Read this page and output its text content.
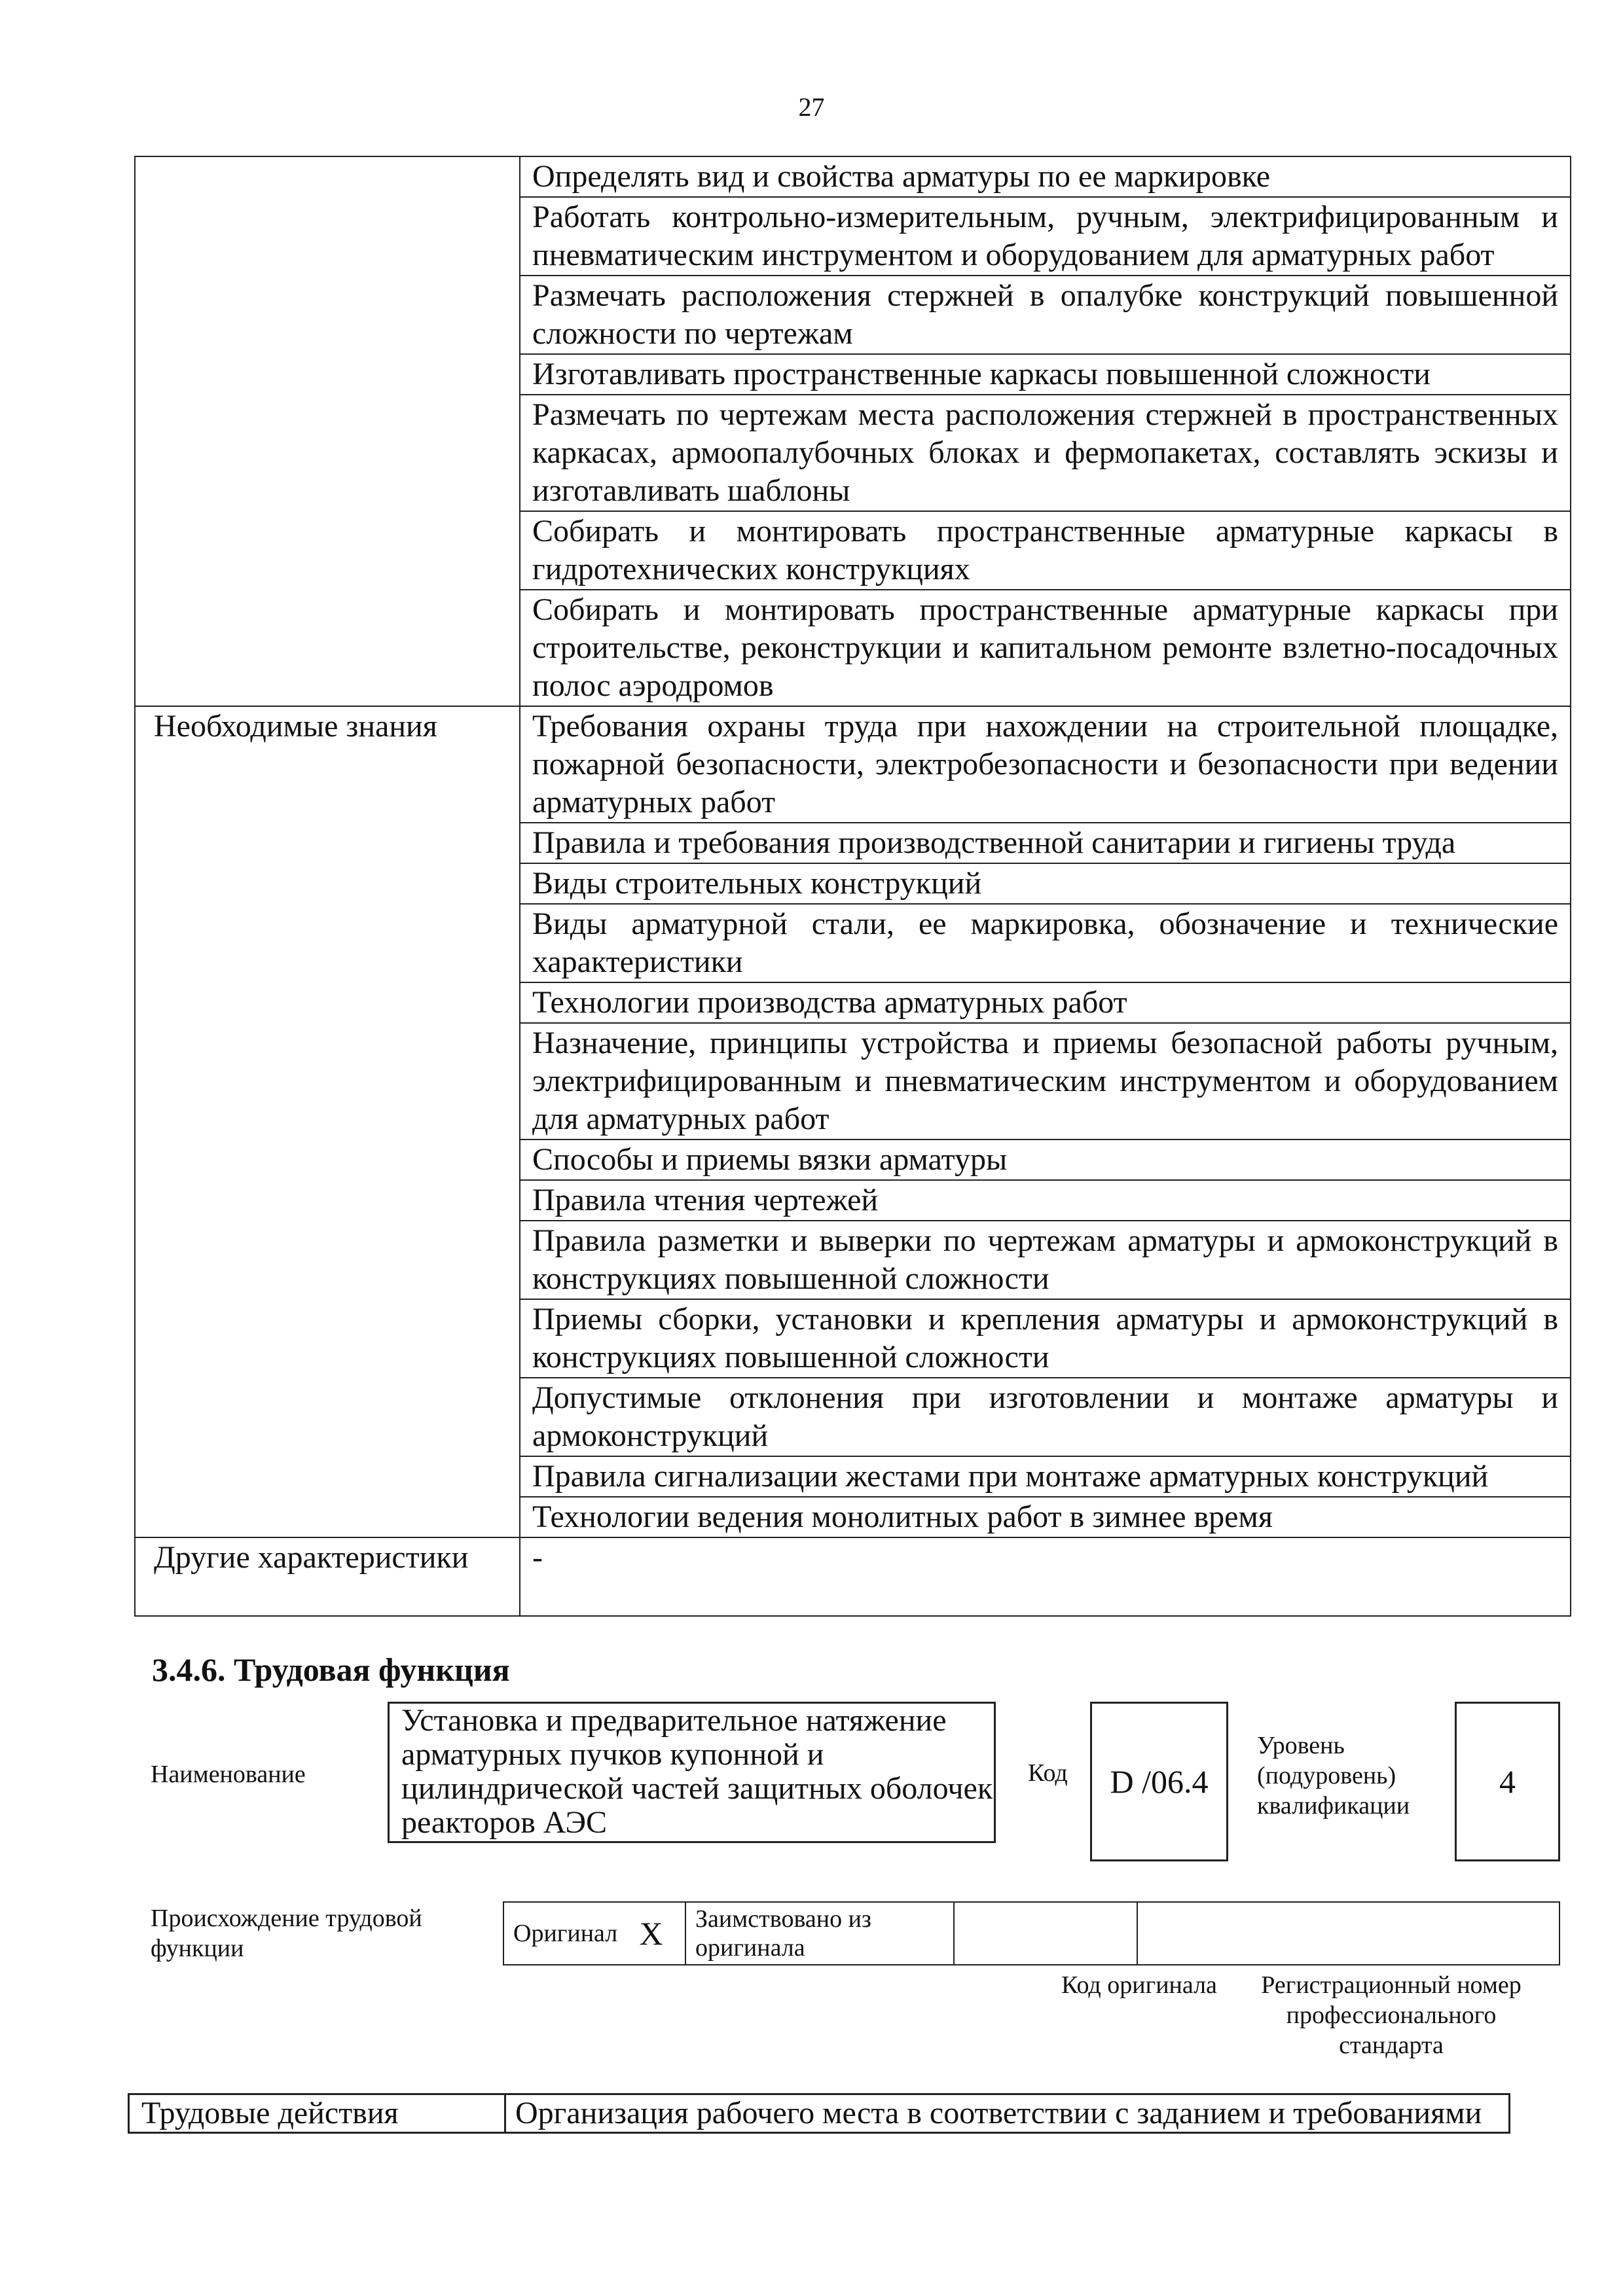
27
	Определять вид и свойства арматуры по ее маркировке
	Работать контрольно-измерительным, ручным, электрифицированным и пневматическим инструментом и оборудованием для арматурных работ
	Размечать расположения стержней в опалубке конструкций повышенной сложности по чертежам
	Изготавливать пространственные каркасы повышенной сложности
	Размечать по чертежам места расположения стержней в пространственных каркасах, армоопалубочных блоках и фермопакетах, составлять эскизы и изготавливать шаблоны
	Собирать и монтировать пространственные арматурные каркасы в гидротехнических конструкциях
	Собирать и монтировать пространственные арматурные каркасы при строительстве, реконструкции и капитальном ремонте взлетно-посадочных полос аэродромов
Необходимые знания	Требования охраны труда при нахождении на строительной площадке, пожарной безопасности, электробезопасности и безопасности при ведении арматурных работ
	Правила и требования производственной санитарии и гигиены труда
	Виды строительных конструкций
	Виды арматурной стали, ее маркировка, обозначение и технические характеристики
	Технологии производства арматурных работ
	Назначение, принципы устройства и приемы безопасной работы ручным, электрифицированным и пневматическим инструментом и оборудованием для арматурных работ
	Способы и приемы вязки арматуры
	Правила чтения чертежей
	Правила разметки и выверки по чертежам арматуры и армоконструкций в конструкциях повышенной сложности
	Приемы сборки, установки и крепления арматуры и армоконструкций в конструкциях повышенной сложности
	Допустимые отклонения при изготовлении и монтаже арматуры и армоконструкций
	Правила сигнализации жестами при монтаже арматурных конструкций
	Технологии ведения монолитных работ в зимнее время
Другие характеристики	-
3.4.6. Трудовая функция
Наименование
Установка и предварительное натяжение арматурных пучков купонной и цилиндрической частей защитных оболочек реакторов АЭС
Код D /06.4
Уровень (подуровень) квалификации
4
Происхождение трудовой функции
Оригинал	X	Заимствовано из оригинала		
Код оригинала	Регистрационный номер профессионального стандарта
Трудовые действия	Организация рабочего места в соответствии с заданием и требованиями
